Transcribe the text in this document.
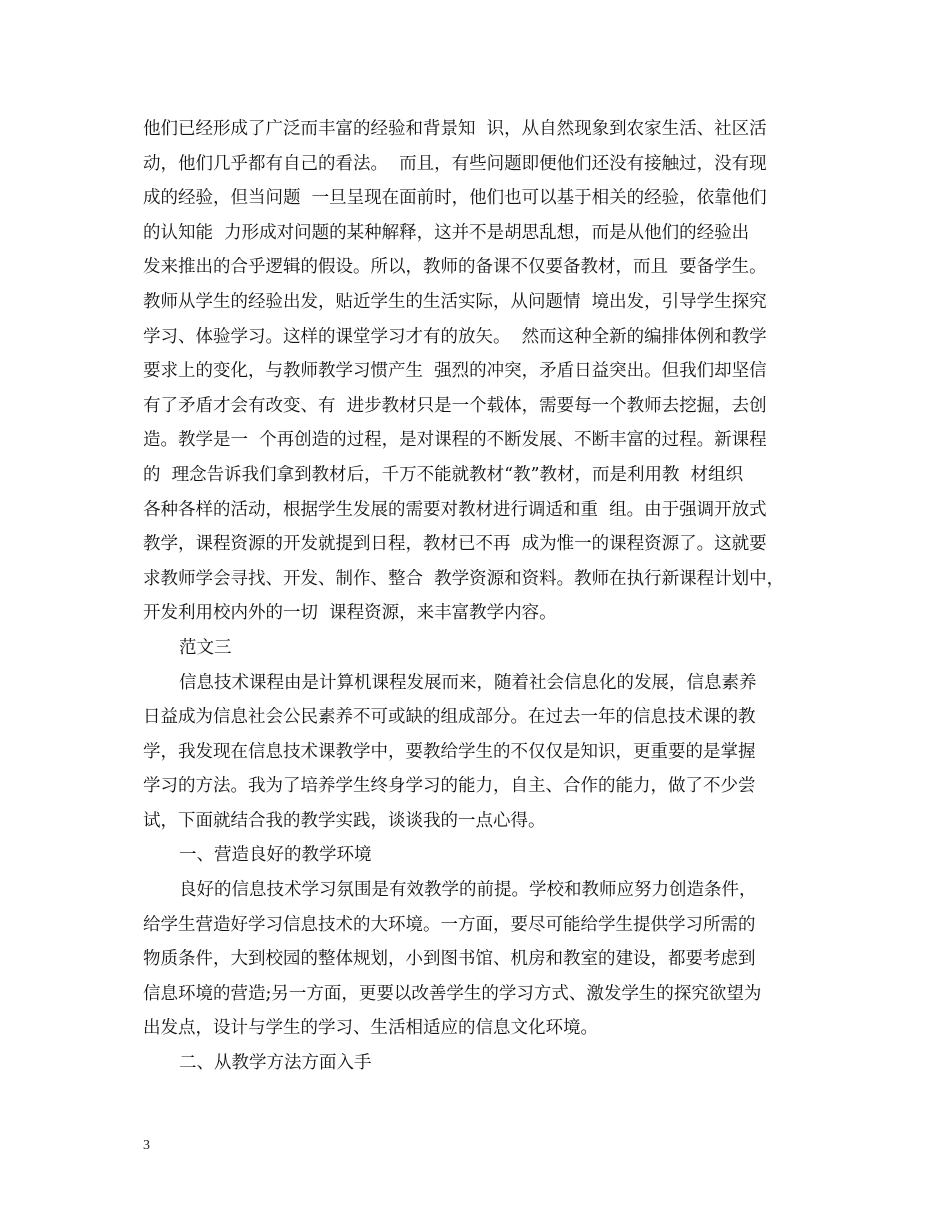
他们已经形成了广泛而丰富的经验和背景知  识，从自然现象到农家生活、社区活
动，他们几乎都有自己的看法。  而且，有些问题即便他们还没有接触过，没有现
成的经验，但当问题  一旦呈现在面前时，他们也可以基于相关的经验，依靠他们
的认知能  力形成对问题的某种解释，这并不是胡思乱想，而是从他们的经验出
发来推出的合乎逻辑的假设。所以，教师的备课不仅要备教材，而且  要备学生。
教师从学生的经验出发，贴近学生的生活实际，从问题情  境出发，引导学生探究
学习、体验学习。这样的课堂学习才有的放矢。  然而这种全新的编排体例和教学
要求上的变化，与教师教学习惯产生  强烈的冲突，矛盾日益突出。但我们却坚信
有了矛盾才会有改变、有  进步教材只是一个载体，需要每一个教师去挖掘，去创
造。教学是一  个再创造的过程，是对课程的不断发展、不断丰富的过程。新课程
的  理念告诉我们拿到教材后，千万不能就教材“教”教材，而是利用教  材组织
各种各样的活动，根据学生发展的需要对教材进行调适和重  组。由于强调开放式
教学，课程资源的开发就提到日程，教材已不再  成为惟一的课程资源了。这就要
求教师学会寻找、开发、制作、整合  教学资源和资料。教师在执行新课程计划中，
开发利用校内外的一切  课程资源，来丰富教学内容。
范文三
信息技术课程由是计算机课程发展而来，随着社会信息化的发展，信息素养
日益成为信息社会公民素养不可或缺的组成部分。在过去一年的信息技术课的教
学，我发现在信息技术课教学中，要教给学生的不仅仅是知识，更重要的是掌握
学习的方法。我为了培养学生终身学习的能力，自主、合作的能力，做了不少尝
试，下面就结合我的教学实践，谈谈我的一点心得。
一、营造良好的教学环境
良好的信息技术学习氛围是有效教学的前提。学校和教师应努力创造条件，
给学生营造好学习信息技术的大环境。一方面，要尽可能给学生提供学习所需的
物质条件，大到校园的整体规划，小到图书馆、机房和教室的建设，都要考虑到
信息环境的营造;另一方面，更要以改善学生的学习方式、激发学生的探究欲望为
出发点，设计与学生的学习、生活相适应的信息文化环境。
二、从教学方法方面入手
3
